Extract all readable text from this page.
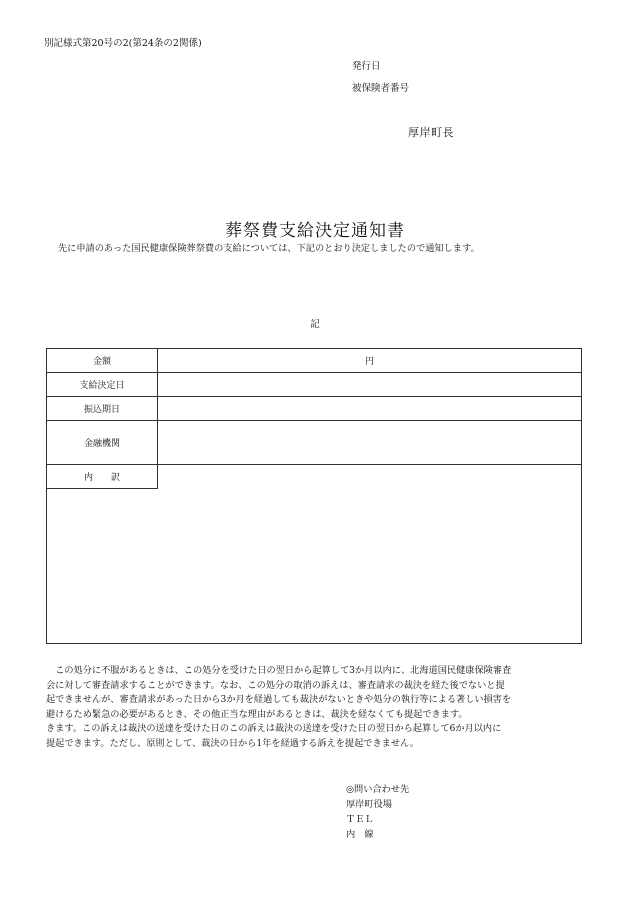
別記様式第20号の2(第24条の2関係)
発行日
被保険者番号
厚岸町長
葬祭費支給決定通知書
先に申請のあった国民健康保険葬祭費の支給については、下記のとおり決定しましたので通知します。
記
金額	円
支給決定日
振込期日
金融機関
内　　訳
　この処分に不服があるときは、この処分を受けた日の翌日から起算して3か月以内に、北海道国民健康保険審査
会に対して審査請求することができます。なお、この処分の取消の訴えは、審査請求の裁決を経た後でないと提
起できませんが、審査請求があった日から3か月を経過しても裁決がないときや処分の執行等による著しい損害を
避けるため緊急の必要があるとき、その他正当な理由があるときは、裁決を経なくても提起できます。
きます。この訴えは裁決の送達を受けた日のこの訴えは裁決の送達を受けた日の翌日から起算して6か月以内に
提起できます。ただし、原則として、裁決の日から1年を経過する訴えを提起できません。
◎問い合わせ先
厚岸町役場
ＴＥＬ
内　線
